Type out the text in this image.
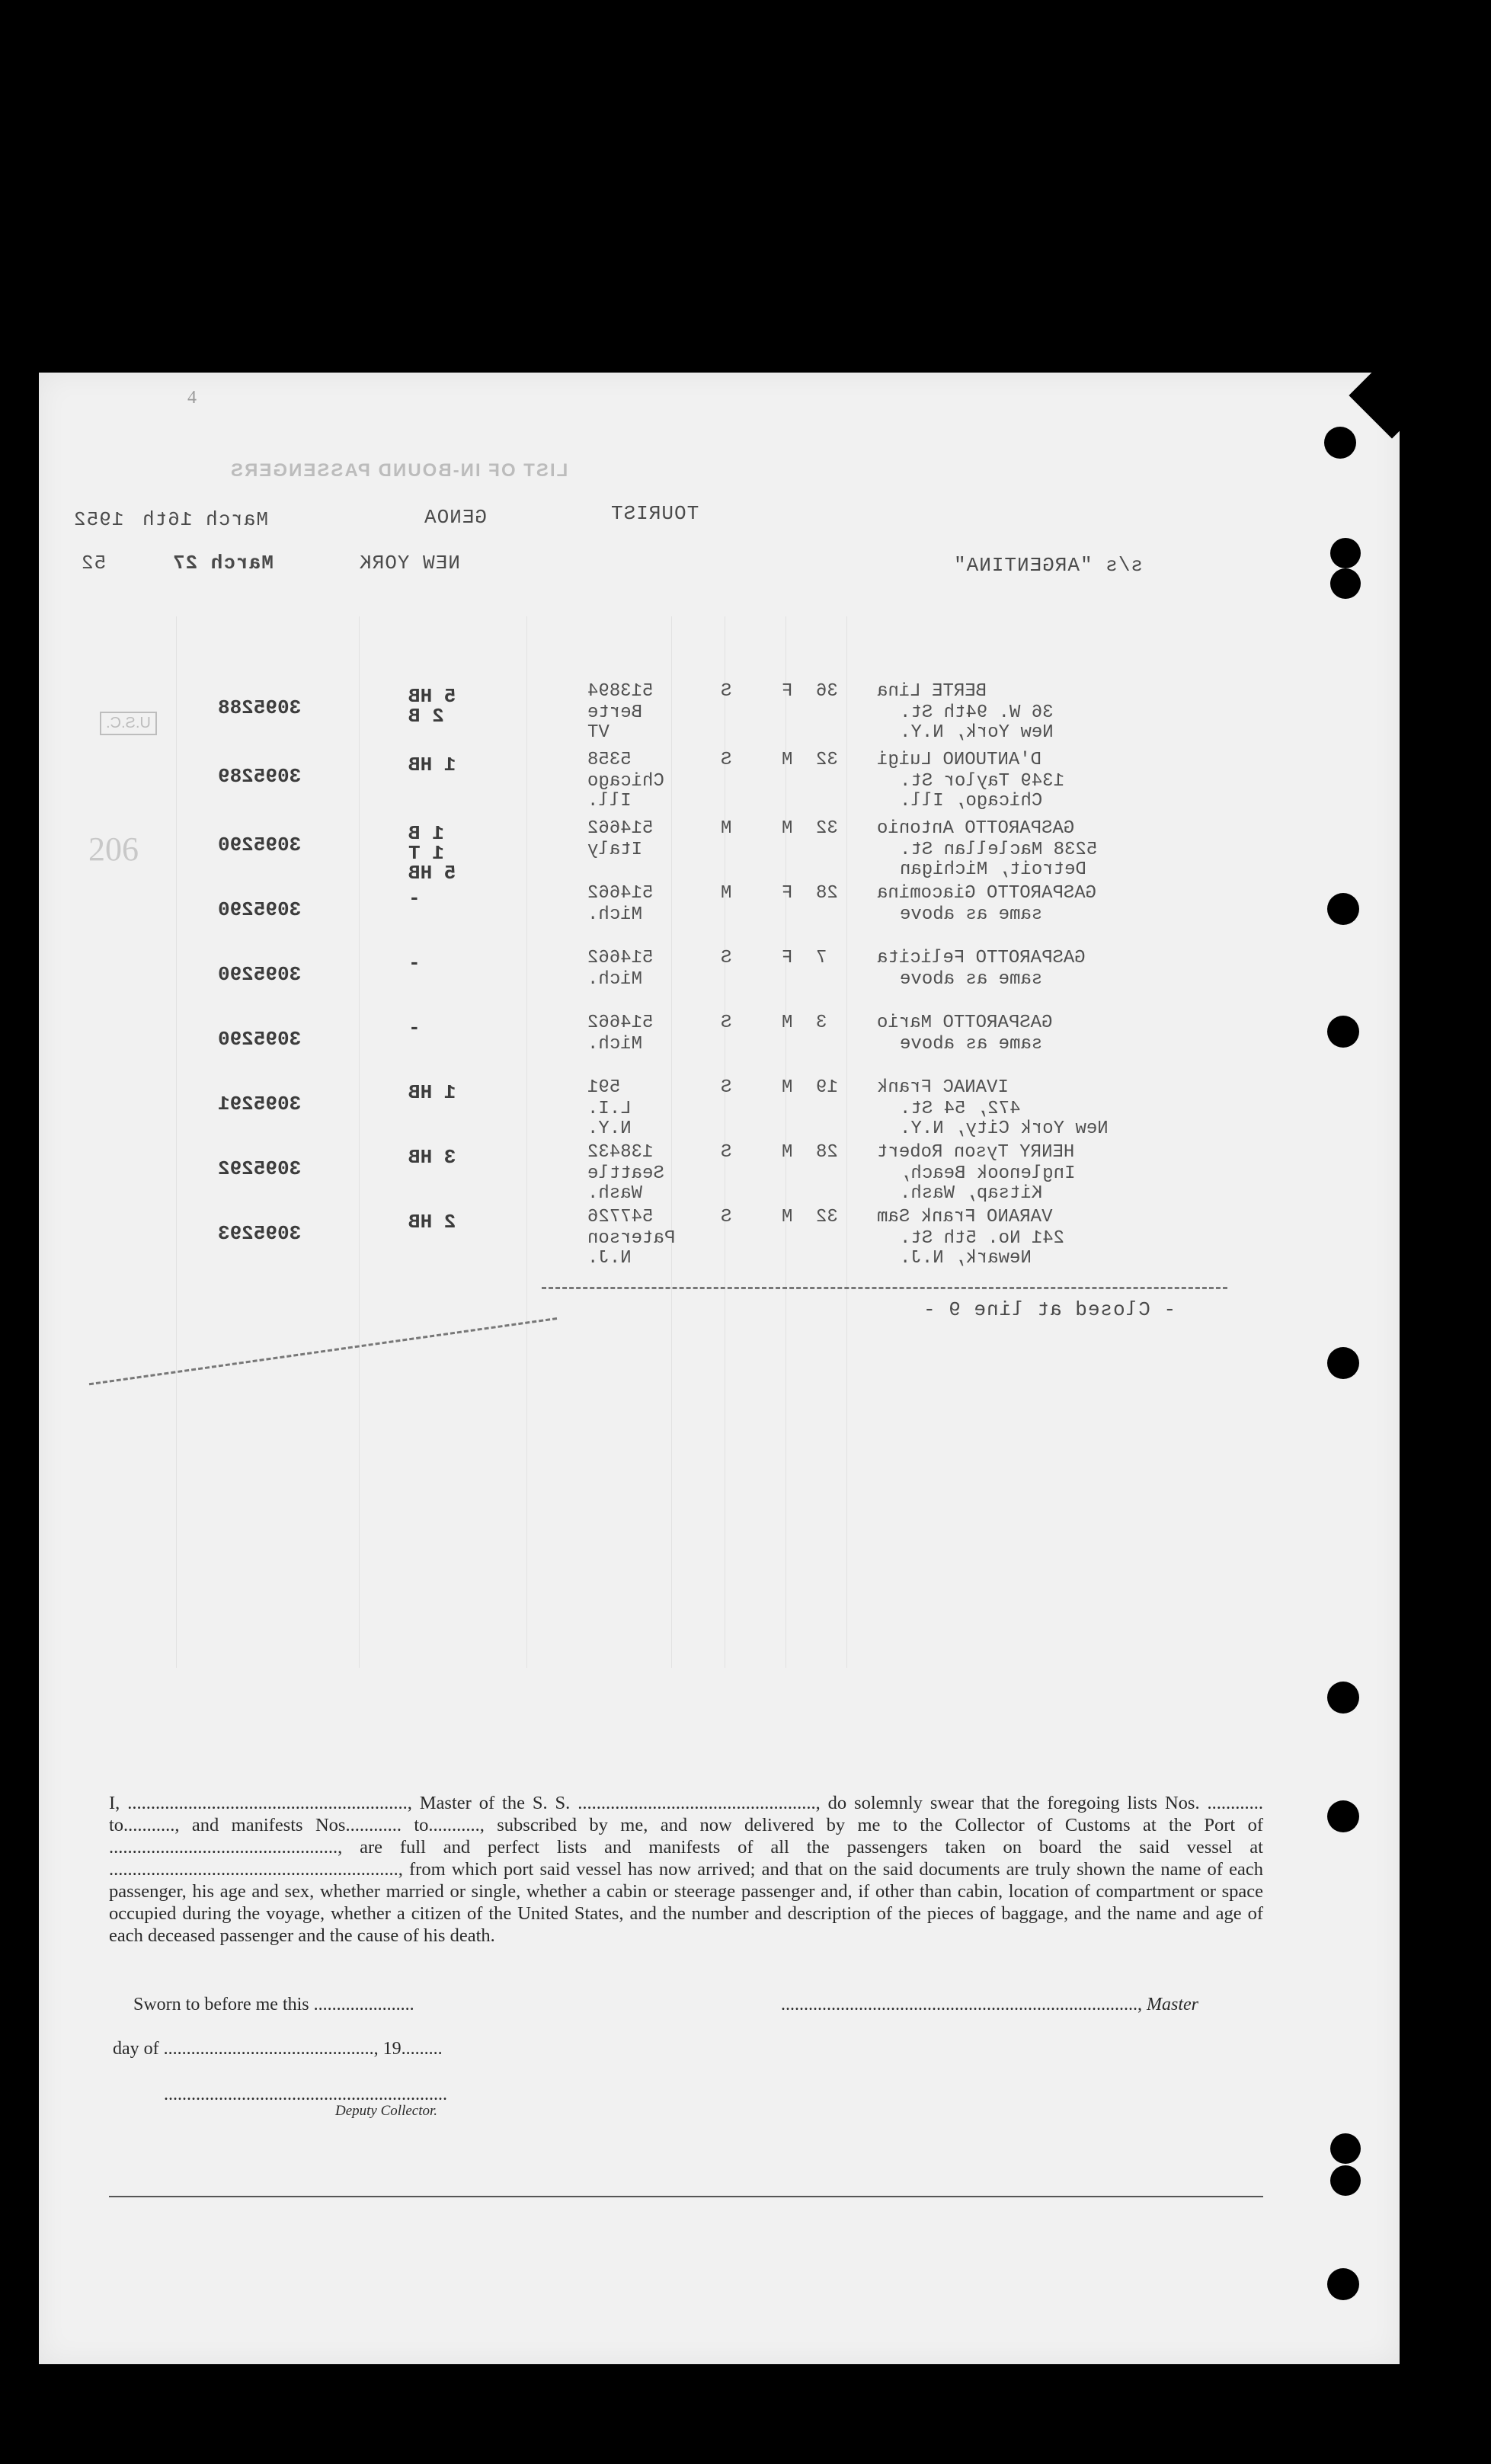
LIST OF IN-BOUND PASSENGERS
4
TOURIST
GENOA
March 16th
1952
NEW YORK
March 27
52	s/s "ARGENTINA"
U.S.C.
206
BERTE Lina
36 W. 94th St.
New York, N.Y.
36
F
S
513894
Berte
VT
5 HB
2 B
3095288
D'ANTUONO Luigi
1349 Taylor St.
Chicago, Ill.
32
M
S
5358
Chicago
Ill.
1 HB
3095289
GASPAROTTO Antonio
5238 Maclellan St.
Detroit, Michigan
32
M
M
514662
Italy
1 B
1 T
5 HB
3095290
GASPAROTTO Giacomina
same as above
28
F
M
514662
Mich.
-
3095290
GASPAROTTO Felicita
same as above
7
F
S
514662
Mich.
-
3095290
GASPAROTTO Mario
same as above
3
M
S
514662
Mich.
-
3095290
IVANAC Frank
472, 54 St.
New York City, N.Y.
19
M
S
591
L.I.
N.Y.
1 HB
3095291
HENRY Tyson Robert
Inglenook Beach,
Kitsap, Wash.
28
M
S
138432
Seattle
Wash.
3 HB
3095292
VARANO Frank Sam
241 No. 5th St.
Newark, N.J.
32
M
S
547726
Paterson
N.J.
2 HB
3095293
- Closed at line 9 -
I, ............................................................, Master of the S. S. ..................................................., do solemnly swear that the foregoing lists Nos. ............ to..........., and manifests Nos............ to..........., subscribed by me, and now delivered by me to the Collector of Customs at the Port of ................................................., are full and perfect lists and manifests of all the passengers taken on board the said vessel at .............................................................., from which port said vessel has now arrived; and that on the said documents are truly shown the name of each passenger, his age and sex, whether married or single, whether a cabin or steerage passenger and, if other than cabin, location of compartment or space occupied during the voyage, whether a citizen of the United States, and the number and description of the pieces of baggage, and the name and age of each deceased passenger and the cause of his death.
Sworn to before me this ......................	.............................................................................., Master
day of .............................................., 19.........
..............................................................
Deputy Collector.
